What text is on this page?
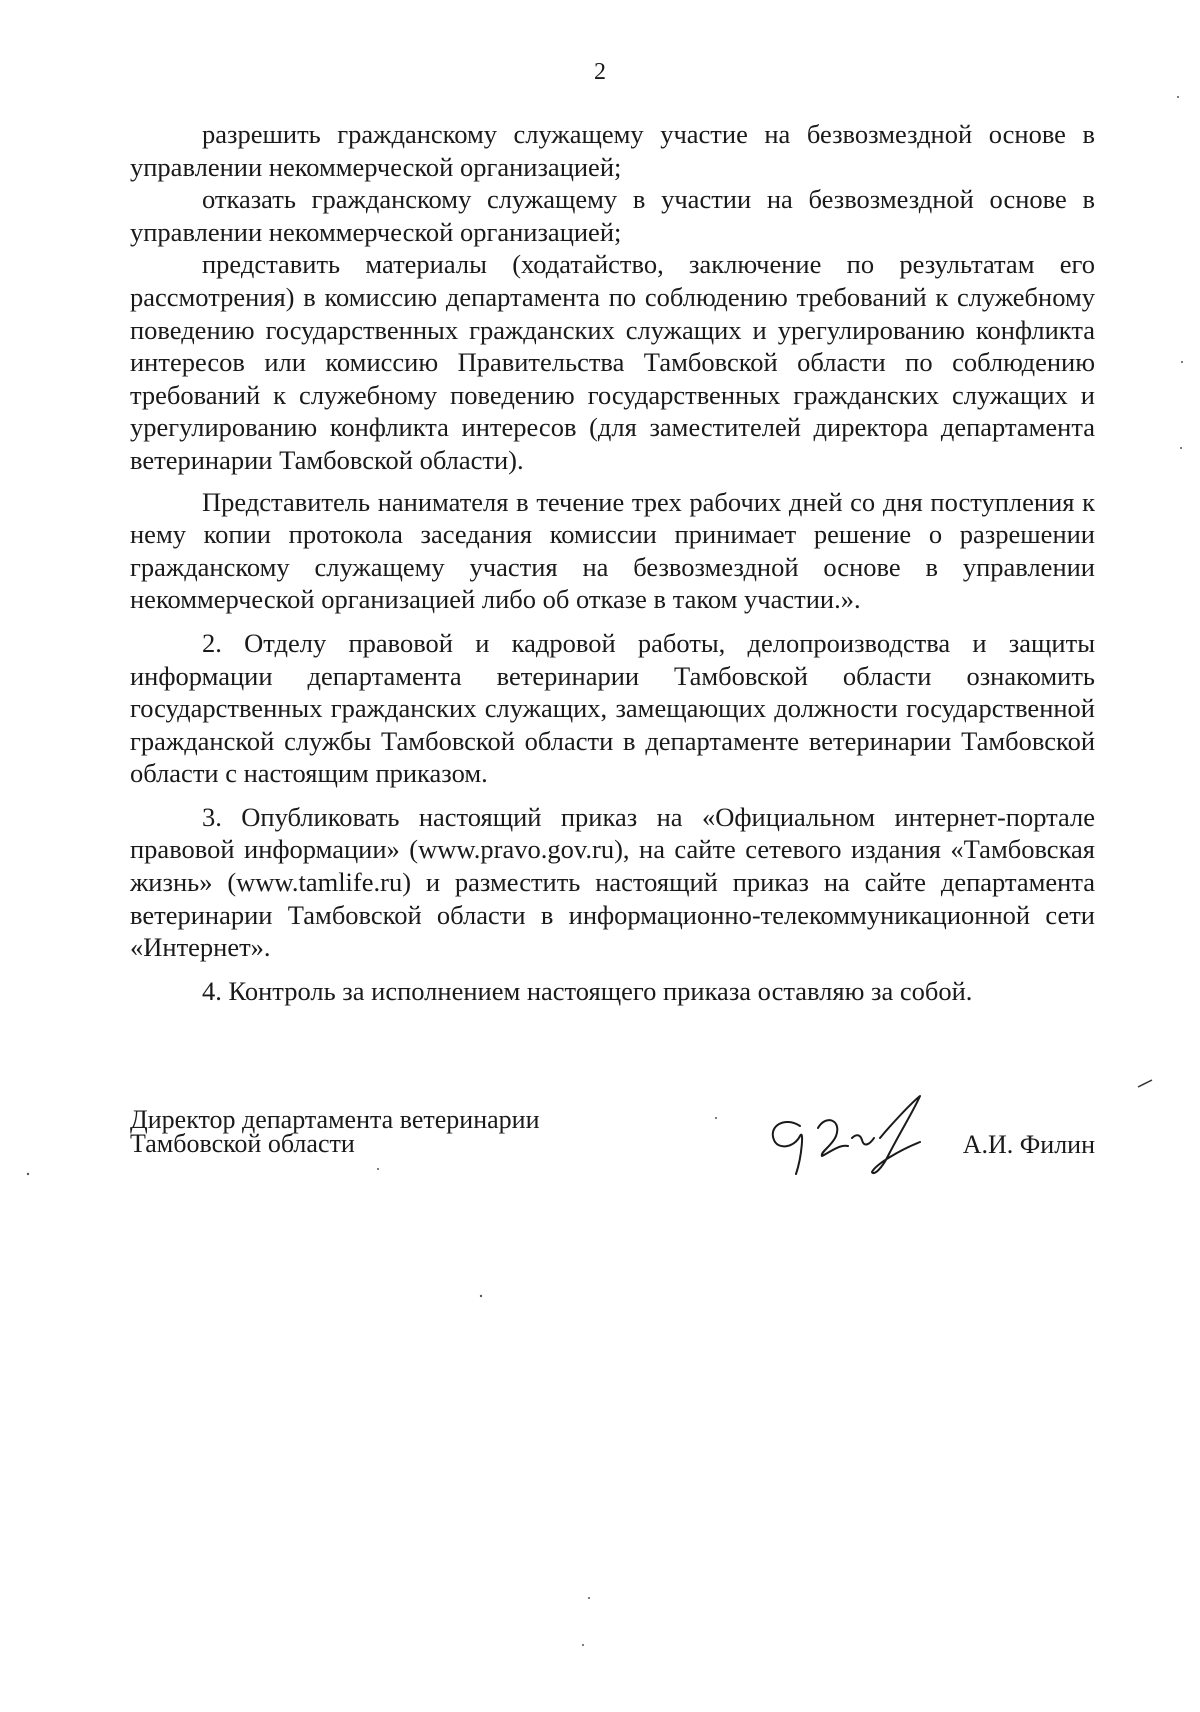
2

разрешить гражданскому служащему участие на безвозмездной основе в управлении некоммерческой организацией;

отказать гражданскому служащему в участии на безвозмездной основе в управлении некоммерческой организацией;

представить материалы (ходатайство, заключение по результатам его рассмотрения) в комиссию департамента по соблюдению требований к служебному поведению государственных гражданских служащих и урегулированию конфликта интересов или комиссию Правительства Тамбовской области по соблюдению требований к служебному поведению государственных гражданских служащих и урегулированию конфликта интересов (для заместителей директора департамента ветеринарии Тамбовской области).

Представитель нанимателя в течение трех рабочих дней со дня поступления к нему копии протокола заседания комиссии принимает решение о разрешении гражданскому служащему участия на безвозмездной основе в управлении некоммерческой организацией либо об отказе в таком участии.».

2. Отделу правовой и кадровой работы, делопроизводства и защиты информации департамента ветеринарии Тамбовской области ознакомить государственных гражданских служащих, замещающих должности государственной гражданской службы Тамбовской области в департаменте ветеринарии Тамбовской области с настоящим приказом.

3. Опубликовать настоящий приказ на «Официальном интернет-портале правовой информации» (www.pravo.gov.ru), на сайте сетевого издания «Тамбовская жизнь» (www.tamlife.ru) и разместить настоящий приказ на сайте департамента ветеринарии Тамбовской области в информационно-телекоммуникационной сети «Интернет».

4. Контроль за исполнением настоящего приказа оставляю за собой.

Директор департамента ветеринарии
Тамбовской области	А.И. Филин
